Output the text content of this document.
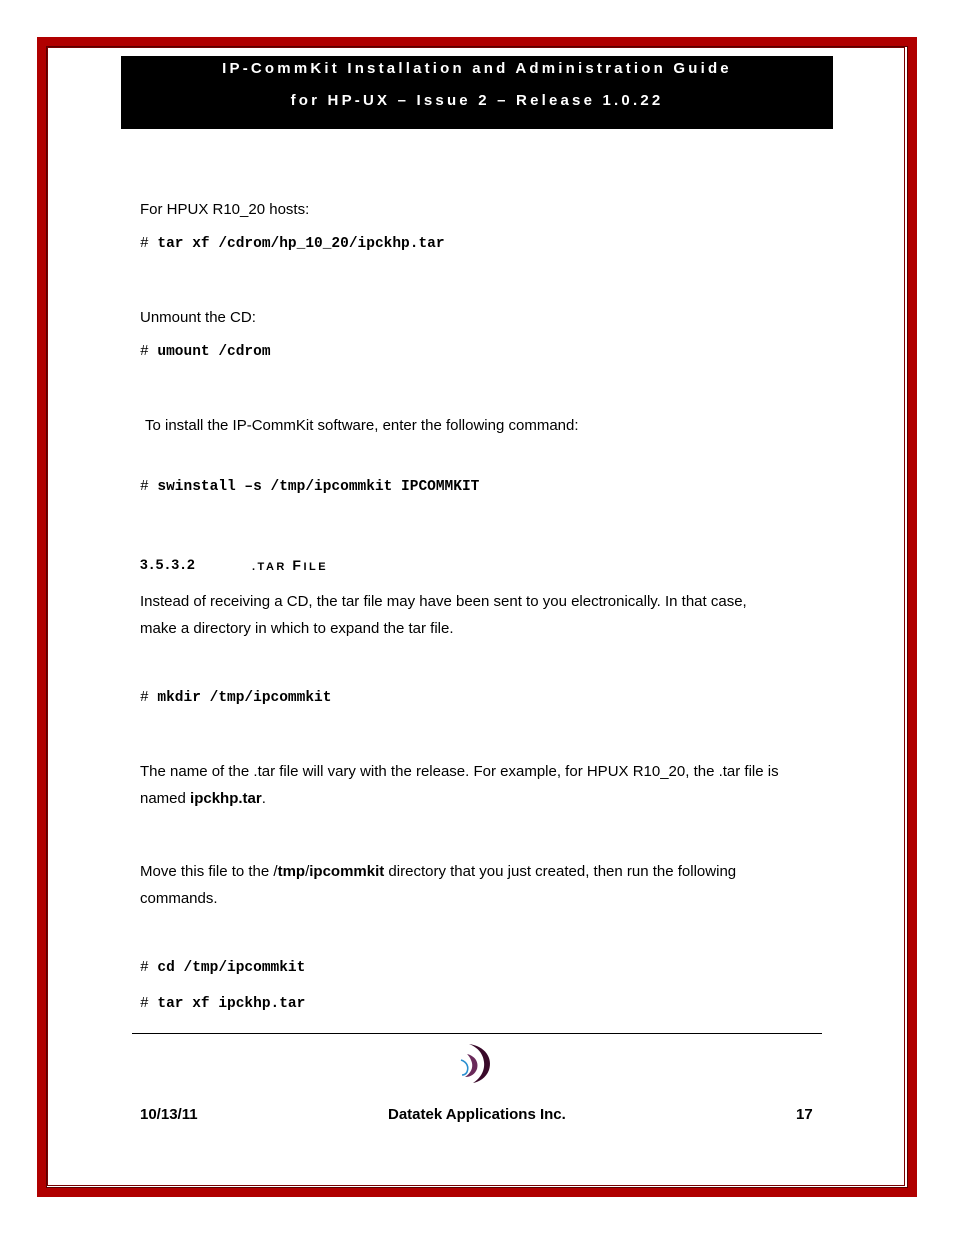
IP-CommKit Installation and Administration Guide
for HP-UX – Issue 2 – Release 1.0.22
For HPUX R10_20 hosts:
# tar xf /cdrom/hp_10_20/ipckhp.tar
Unmount the CD:
# umount /cdrom
To install the IP-CommKit software, enter the following command:
# swinstall –s /tmp/ipcommkit IPCOMMKIT
3.5.3.2	.TAR FILE
Instead of receiving a CD, the tar file may have been sent to you electronically. In that case,
make a directory in which to expand the tar file.
# mkdir /tmp/ipcommkit
The name of the .tar file will vary with the release. For example, for HPUX R10_20, the .tar file is
named ipckhp.tar.
Move this file to the /tmp/ipcommkit directory that you just created, then run the following
commands.
# cd /tmp/ipcommkit
# tar xf ipckhp.tar
10/13/11	Datatek Applications Inc.	17
